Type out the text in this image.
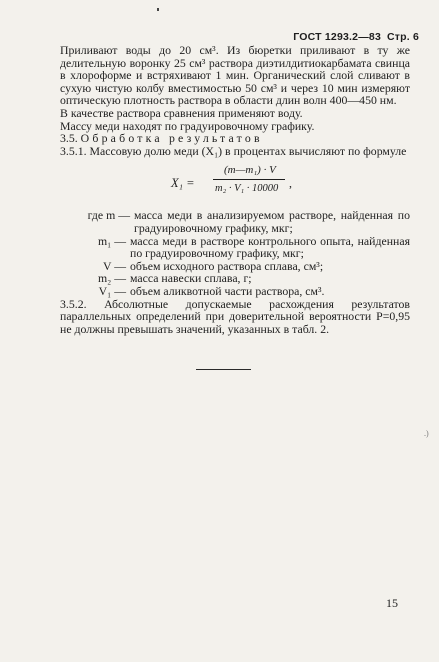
ГОСТ 1293.2—83 Стр. 6

Приливают воды до 20 см³. Из бюретки приливают в ту же делительную воронку 25 см³ раствора диэтилдитиокарбамата свинца в хлороформе и встряхивают 1 мин. Органический слой сливают в сухую чистую колбу вместимостью 50 см³ и через 10 мин измеряют оптическую плотность раствора в области длин волн 400—450 нм.

В качестве раствора сравнения применяют воду.

Массу меди находят по градуировочному графику.

3.5. Обработка результатов

3.5.1. Массовую долю меди (X₁) в процентах вычисляют по формуле

X₁ =
(m—m₁) · V
m₂ · V₁ · 10000 ,
где m — масса меди в анализируемом растворе, найденная по градуировочному графику, мкг;
m₁ — масса меди в растворе контрольного опыта, найденная по градуировочному графику, мкг;
V — объем исходного раствора сплава, см³;
m₂ — масса навески сплава, г;
V₁ — объем аликвотной части раствора, см³.

3.5.2. Абсолютные допускаемые расхождения результатов параллельных определений при доверительной вероятности P=0,95 не должны превышать значений, указанных в табл. 2.

.)
15
